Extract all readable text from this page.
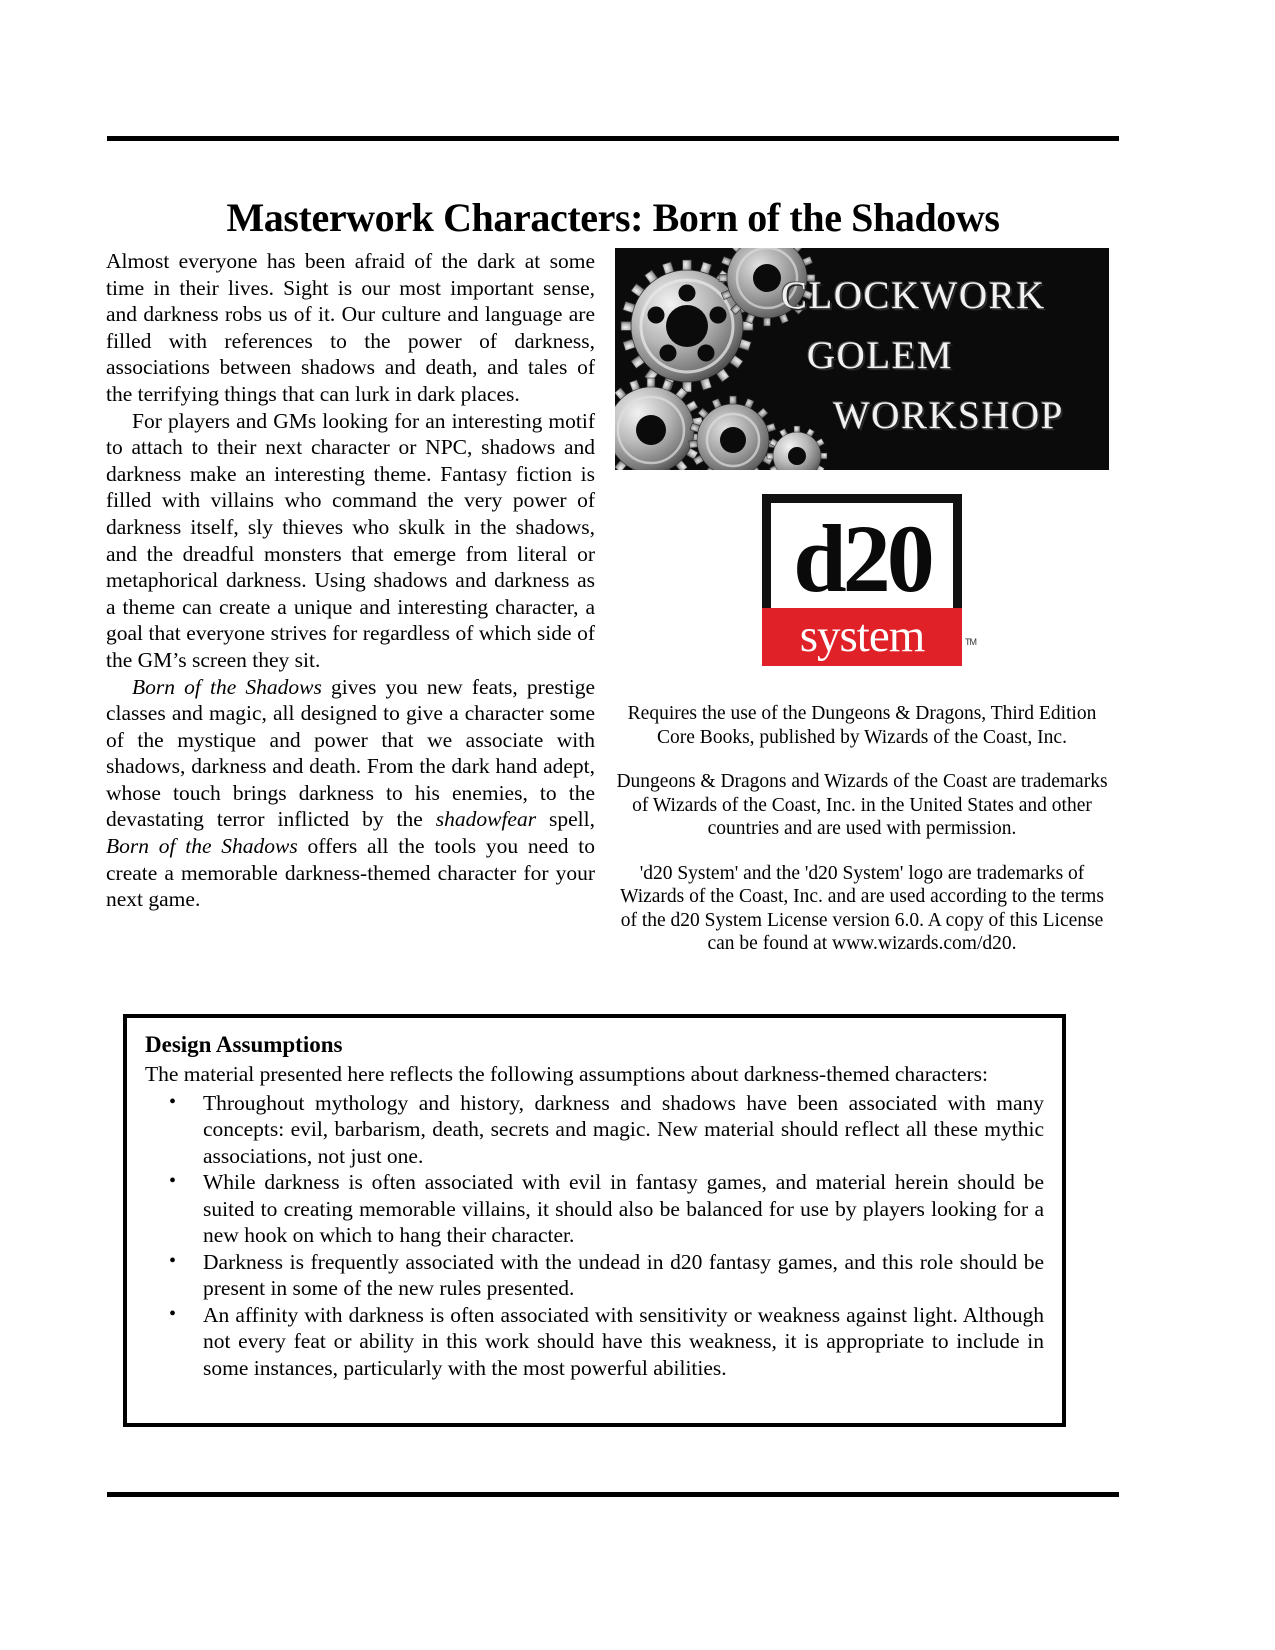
Masterwork Characters: Born of the Shadows

Almost everyone has been afraid of the dark at some time in their lives. Sight is our most important sense, and darkness robs us of it. Our culture and language are filled with references to the power of darkness, associations between shadows and death, and tales of the terrifying things that can lurk in dark places.

For players and GMs looking for an interesting motif to attach to their next character or NPC, shadows and darkness make an interesting theme. Fantasy fiction is filled with villains who command the very power of darkness itself, sly thieves who skulk in the shadows, and the dreadful monsters that emerge from literal or metaphorical darkness. Using shadows and darkness as a theme can create a unique and interesting character, a goal that everyone strives for regardless of which side of the GM’s screen they sit.

Born of the Shadows gives you new feats, prestige classes and magic, all designed to give a character some of the mystique and power that we associate with shadows, darkness and death. From the dark hand adept, whose touch brings darkness to his enemies, to the devastating terror inflicted by the shadowfear spell, Born of the Shadows offers all the tools you need to create a memorable darkness-themed character for your next game.

CLOCKWORK
GOLEM
WORKSHOP
d20
system	TM

Requires the use of the Dungeons & Dragons, Third Edition Core Books, published by Wizards of the Coast, Inc.

Dungeons & Dragons and Wizards of the Coast are trademarks of Wizards of the Coast, Inc. in the United States and other countries and are used with permission.

'd20 System' and the 'd20 System' logo are trademarks of Wizards of the Coast, Inc. and are used according to the terms of the d20 System License version 6.0. A copy of this License can be found at www.wizards.com/d20.

Design Assumptions

The material presented here reflects the following assumptions about darkness-themed characters:

• Throughout mythology and history, darkness and shadows have been associated with many concepts: evil, barbarism, death, secrets and magic. New material should reflect all these mythic associations, not just one.
• While darkness is often associated with evil in fantasy games, and material herein should be suited to creating memorable villains, it should also be balanced for use by players looking for a new hook on which to hang their character.
• Darkness is frequently associated with the undead in d20 fantasy games, and this role should be present in some of the new rules presented.
• An affinity with darkness is often associated with sensitivity or weakness against light. Although not every feat or ability in this work should have this weakness, it is appropriate to include in some instances, particularly with the most powerful abilities.
